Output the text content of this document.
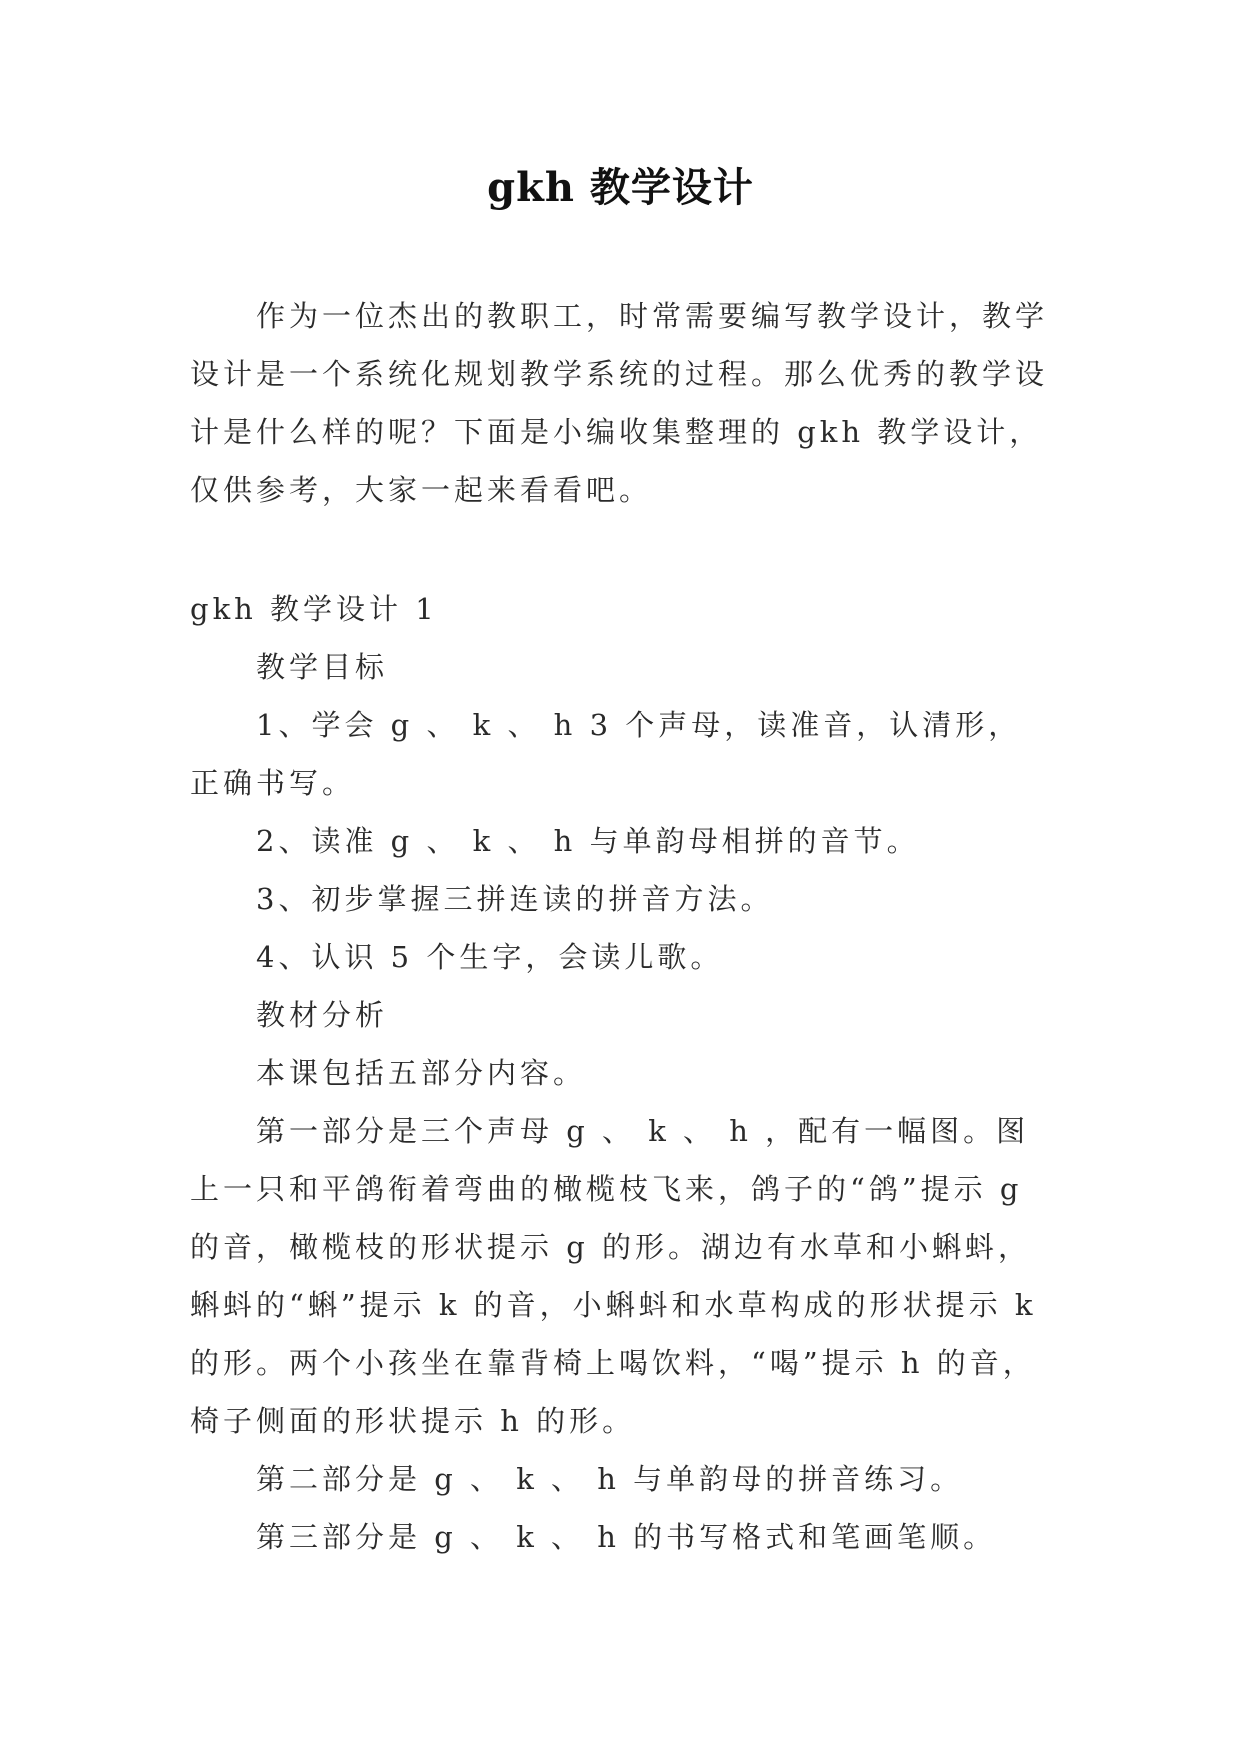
gkh 教学设计

作为一位杰出的教职工，时常需要编写教学设计，教学设计是一个系统化规划教学系统的过程。那么优秀的教学设计是什么样的呢？下面是小编收集整理的 gkh 教学设计，仅供参考，大家一起来看看吧。

gkh 教学设计 1

教学目标

1、学会 g 、 k 、 h 3 个声母，读准音，认清形，正确书写。

2、读准 g 、 k 、 h 与单韵母相拼的音节。

3、初步掌握三拼连读的拼音方法。

4、认识 5 个生字，会读儿歌。

教材分析

本课包括五部分内容。

第一部分是三个声母 g 、 k 、 h ，配有一幅图。图上一只和平鸽衔着弯曲的橄榄枝飞来，鸽子的“鸽”提示 g 的音，橄榄枝的形状提示 g 的形。湖边有水草和小蝌蚪，蝌蚪的“蝌”提示 k 的音，小蝌蚪和水草构成的形状提示 k 的形。两个小孩坐在靠背椅上喝饮料，“喝”提示 h 的音，椅子侧面的形状提示 h 的形。

第二部分是 g 、 k 、 h 与单韵母的拼音练习。

第三部分是 g 、 k 、 h 的书写格式和笔画笔顺。
